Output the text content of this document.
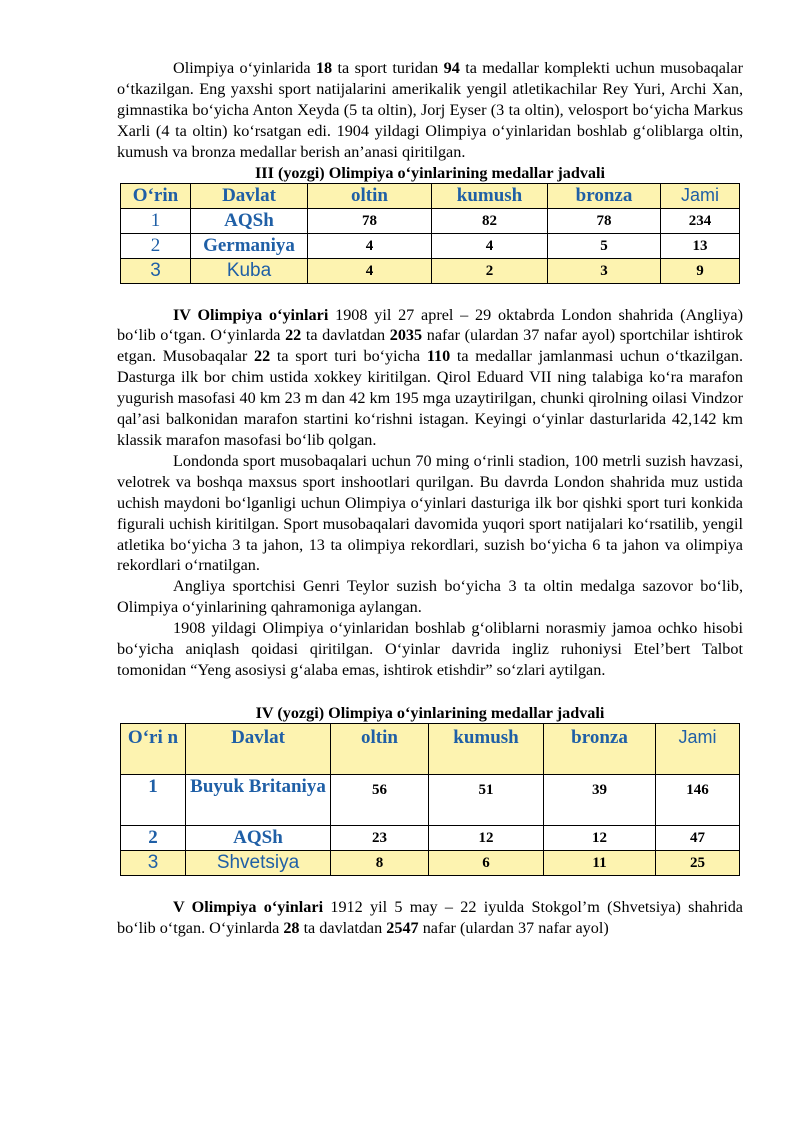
Olimpiya o‘yinlarida 18 ta sport turidan 94 ta medallar komplekti uchun musobaqalar o‘tkazilgan. Eng yaxshi sport natijalarini amerikalik yengil atletikachilar Rey Yuri, Archi Xan, gimnastika bo‘yicha Anton Xeyda (5 ta oltin), Jorj Eyser (3 ta oltin), velosport bo‘yicha Markus Xarli (4 ta oltin) ko‘rsatgan edi. 1904 yildagi Olimpiya o‘yinlaridan boshlab g‘oliblarga oltin, kumush va bronza medallar berish an’anasi qiritilgan.

III (yozgi) Olimpiya o‘yinlarining medallar jadvali
O‘rin	Davlat	oltin	kumush	bronza	Jami
1	AQSh	78	82	78	234
2	Germaniya	4	4	5	13
3	Kuba	4	2	3	9

IV Olimpiya o‘yinlari 1908 yil 27 aprel – 29 oktabrda London shahrida (Angliya) bo‘lib o‘tgan. O‘yinlarda 22 ta davlatdan 2035 nafar (ulardan 37 nafar ayol) sportchilar ishtirok etgan. Musobaqalar 22 ta sport turi bo‘yicha 110 ta medallar jamlanmasi uchun o‘tkazilgan. Dasturga ilk bor chim ustida xokkey kiritilgan. Qirol Eduard VII ning talabiga ko‘ra marafon yugurish masofasi 40 km 23 m dan 42 km 195 mga uzaytirilgan, chunki qirolning oilasi Vindzor qal’asi balkonidan marafon startini ko‘rishni istagan. Keyingi o‘yinlar dasturlarida 42,142 km klassik marafon masofasi bo‘lib qolgan.

Londonda sport musobaqalari uchun 70 ming o‘rinli stadion, 100 metrli suzish havzasi, velotrek va boshqa maxsus sport inshootlari qurilgan. Bu davrda London shahrida muz ustida uchish maydoni bo‘lganligi uchun Olimpiya o‘yinlari dasturiga ilk bor qishki sport turi konkida figurali uchish kiritilgan. Sport musobaqalari davomida yuqori sport natijalari ko‘rsatilib, yengil atletika bo‘yicha 3 ta jahon, 13 ta olimpiya rekordlari, suzish bo‘yicha 6 ta jahon va olimpiya rekordlari o‘rnatilgan.

Angliya sportchisi Genri Teylor suzish bo‘yicha 3 ta oltin medalga sazovor bo‘lib, Olimpiya o‘yinlarining qahramoniga aylangan.

1908 yildagi Olimpiya o‘yinlaridan boshlab g‘oliblarni norasmiy jamoa ochko hisobi bo‘yicha aniqlash qoidasi qiritilgan. O‘yinlar davrida ingliz ruhoniysi Etel’bert Talbot tomonidan “Yeng asosiysi g‘alaba emas, ishtirok etishdir” so‘zlari aytilgan.

IV (yozgi) Olimpiya o‘yinlarining medallar jadvali
O‘ri n	Davlat	oltin	kumush	bronza	Jami
1	Buyuk Britaniya	56	51	39	146
2	AQSh	23	12	12	47
3	Shvetsiya	8	6	11	25

V Olimpiya o‘yinlari 1912 yil 5 may – 22 iyulda Stokgol’m (Shvetsiya) shahrida bo‘lib o‘tgan. O‘yinlarda 28 ta davlatdan 2547 nafar (ulardan 37 nafar ayol)
